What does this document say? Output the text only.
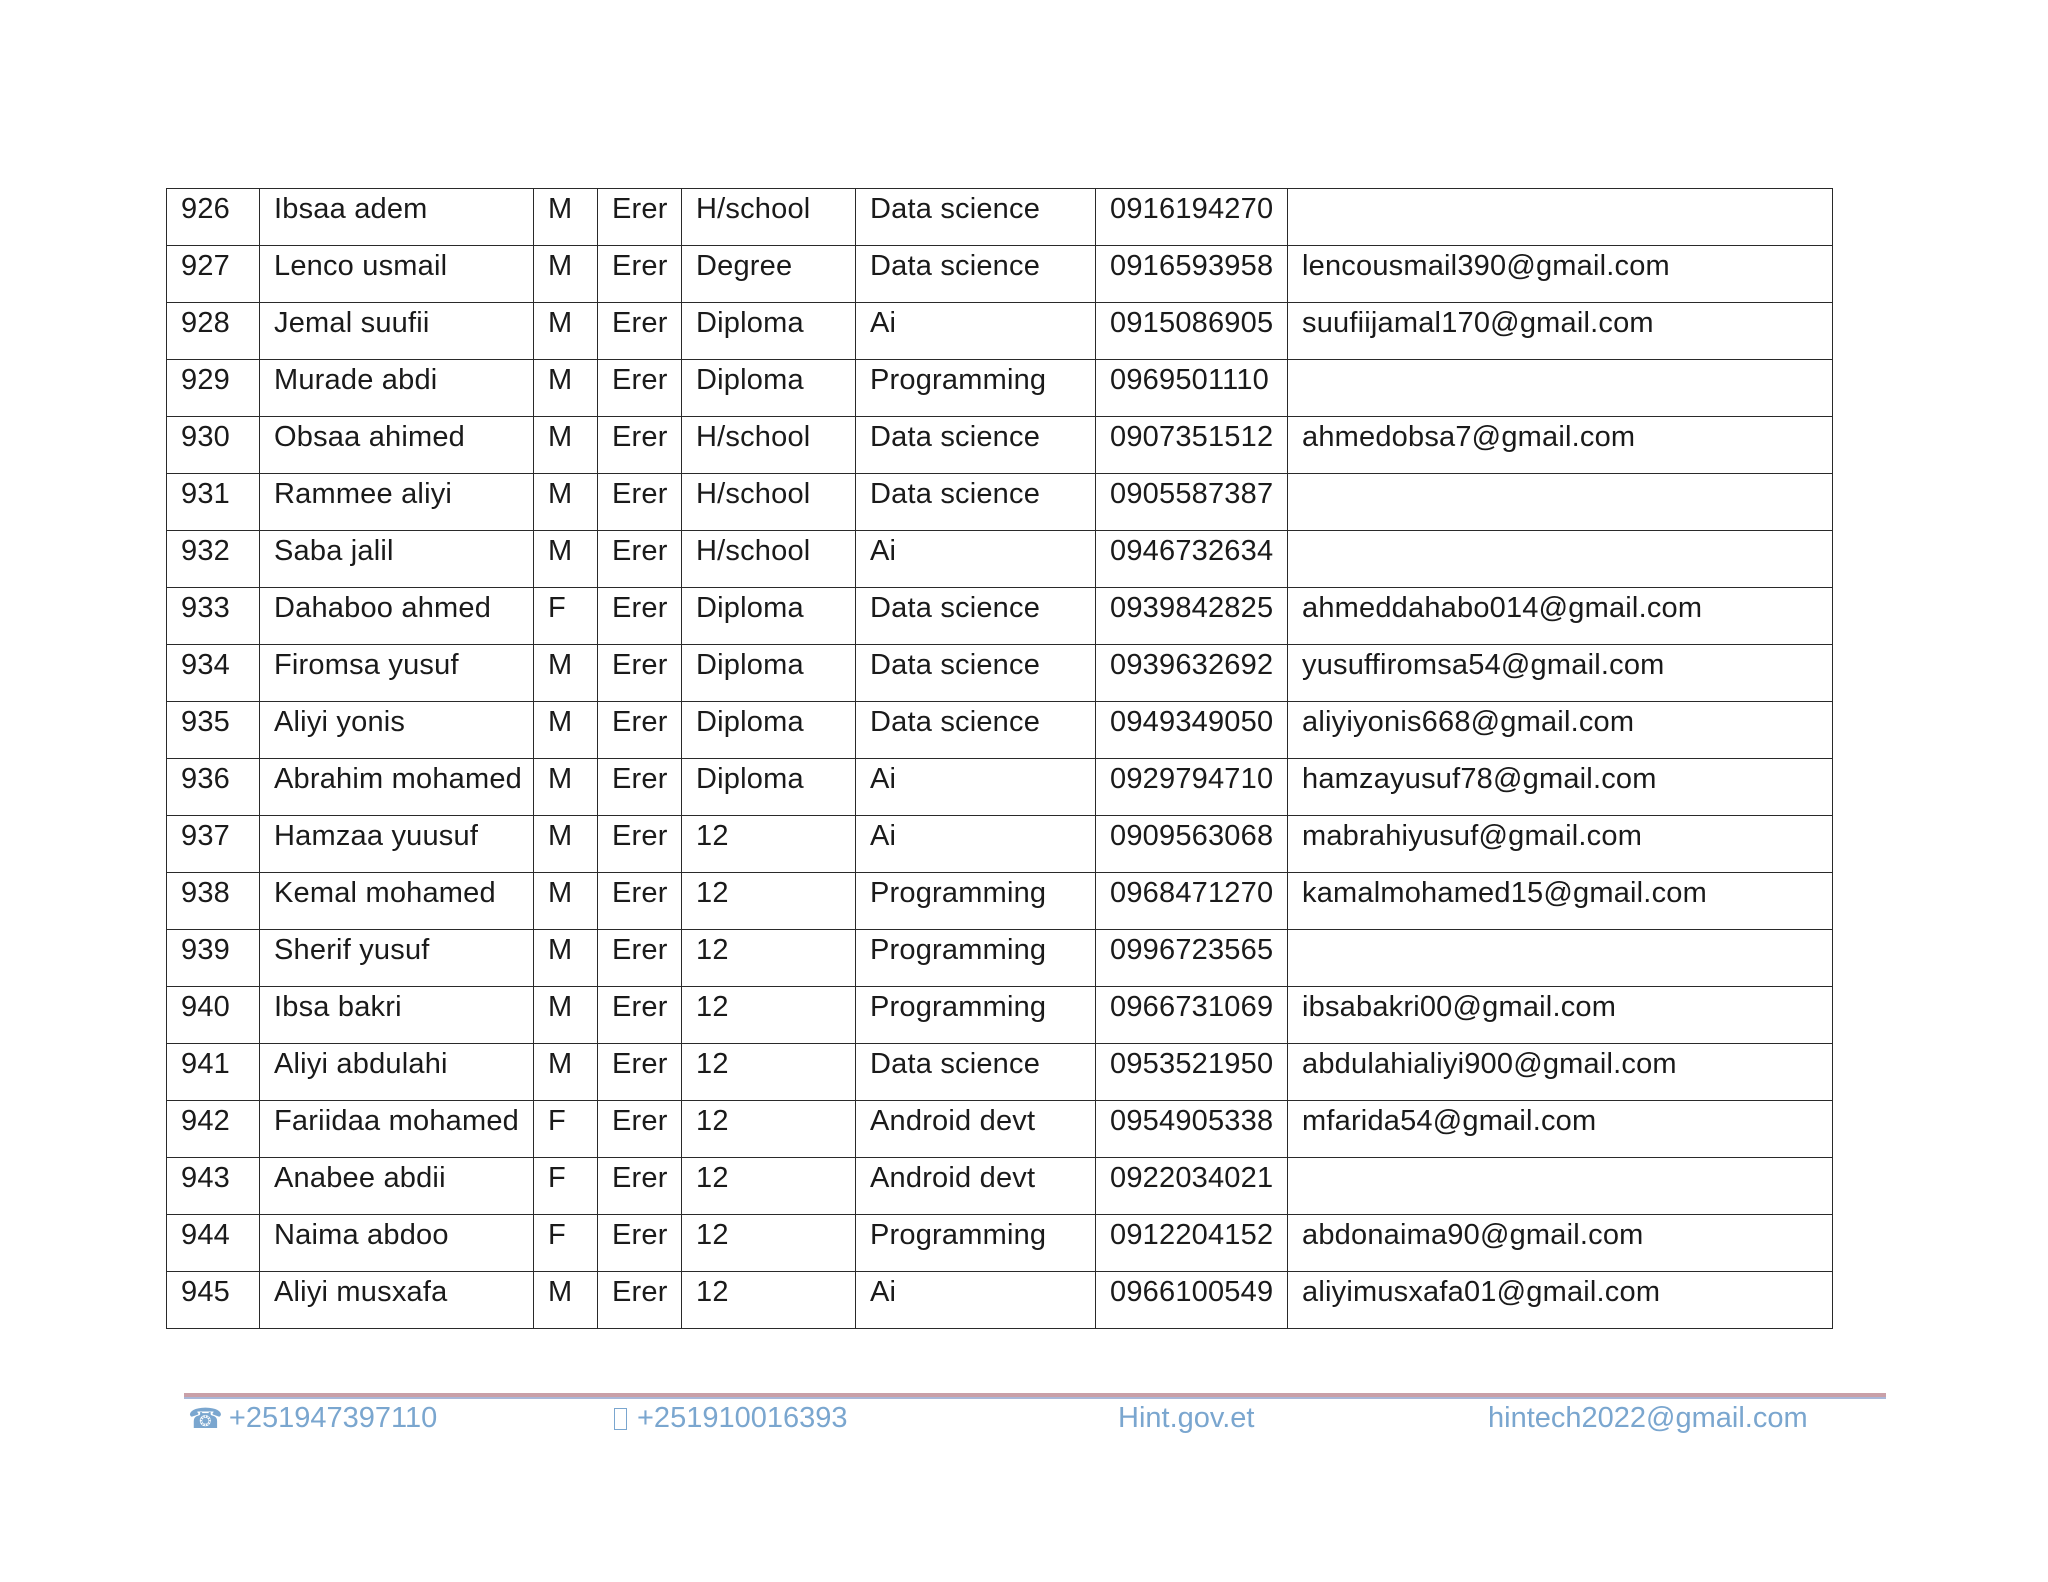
926	Ibsaa adem	M	Erer	H/school	Data science	0916194270	

927	Lenco usmail	M	Erer	Degree	Data science	0916593958	lencousmail390@gmail.com

928	Jemal suufii	M	Erer	Diploma	Ai	0915086905	suufiijamal170@gmail.com

929	Murade abdi	M	Erer	Diploma	Programming	0969501110	

930	Obsaa ahimed	M	Erer	H/school	Data science	0907351512	ahmedobsa7@gmail.com

931	Rammee aliyi	M	Erer	H/school	Data science	0905587387	

932	Saba jalil	M	Erer	H/school	Ai	0946732634	

933	Dahaboo ahmed	F	Erer	Diploma	Data science	0939842825	ahmeddahabo014@gmail.com

934	Firomsa yusuf	M	Erer	Diploma	Data science	0939632692	yusuffiromsa54@gmail.com

935	Aliyi yonis	M	Erer	Diploma	Data science	0949349050	aliyiyonis668@gmail.com

936	Abrahim mohamed	M	Erer	Diploma	Ai	0929794710	hamzayusuf78@gmail.com

937	Hamzaa yuusuf	M	Erer	12	Ai	0909563068	mabrahiyusuf@gmail.com

938	Kemal mohamed	M	Erer	12	Programming	0968471270	kamalmohamed15@gmail.com

939	Sherif yusuf	M	Erer	12	Programming	0996723565	

940	Ibsa bakri	M	Erer	12	Programming	0966731069	ibsabakri00@gmail.com

941	Aliyi abdulahi	M	Erer	12	Data science	0953521950	abdulahialiyi900@gmail.com

942	Fariidaa mohamed	F	Erer	12	Android devt	0954905338	mfarida54@gmail.com

943	Anabee abdii	F	Erer	12	Android devt	0922034021	

944	Naima abdoo	F	Erer	12	Programming	0912204152	abdonaima90@gmail.com

945	Aliyi musxafa	M	Erer	12	Ai	0966100549	aliyimusxafa01@gmail.com
☎ +251947397110	+251910016393	Hint.gov.et	hintech2022@gmail.com
